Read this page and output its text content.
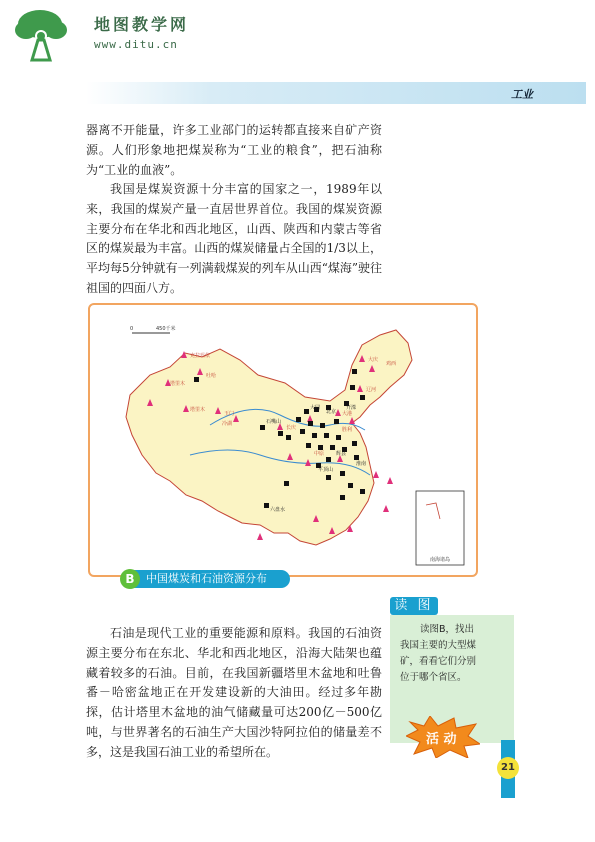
地图教学网
www.ditu.cn
工业

器离不开能量，许多工业部门的运转都直接来自矿产资源。人们形象地把煤炭称为“工业的粮食”，把石油称为“工业的血液”。

我国是煤炭资源十分丰富的国家之一，1989年以来，我国的煤炭产量一直居世界首位。我国的煤炭资源主要分布在华北和西北地区，山西、陕西和内蒙古等省区的煤炭最为丰富。山西的煤炭储量占全国的1/3以上，平均每5分钟就有一列满载煤炭的列车从山西“煤海”驶往祖国的四面八方。

0	450千米
南海诸岛
克拉玛依
吐哈
塔里木
塔里木
玉门
冷湖
长庆
大港
胜利
中原
大庆
辽河
鸡西
大同
北京
开滦
石嘴山
平顶山
淮南
六盘水
辉县
B	中国煤炭和石油资源分布

石油是现代工业的重要能源和原料。我国的石油资源主要分布在东北、华北和西北地区，沿海大陆架也蕴藏着较多的石油。目前，在我国新疆塔里木盆地和吐鲁番－哈密盆地正在开发建设新的大油田。经过多年勘探，估计塔里木盆地的油气储藏量可达200亿－500亿吨，与世界著名的石油生产大国沙特阿拉伯的储量差不多，这是我国石油工业的希望所在。

读 图

读图B，找出我国主要的大型煤矿，看看它们分别位于哪个省区。

活 动
21
